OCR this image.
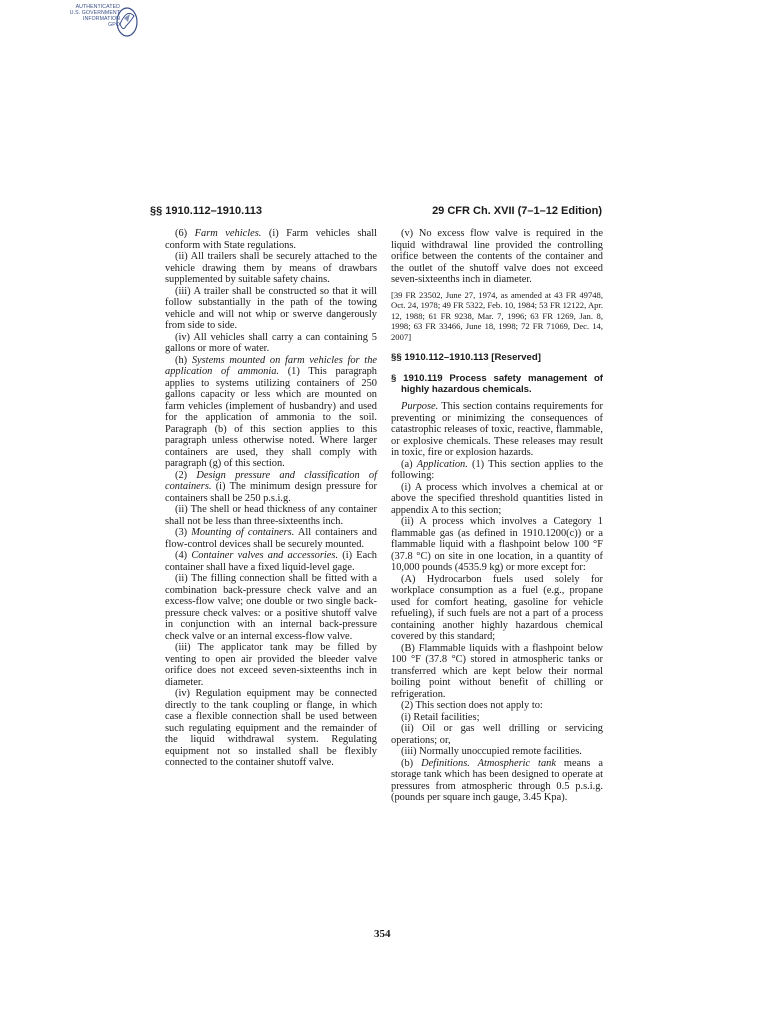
AUTHENTICATED
U.S. GOVERNMENT
INFORMATION
GPO
§§ 1910.112–1910.113	29 CFR Ch. XVII (7–1–12 Edition)

(6) Farm vehicles. (i) Farm vehicles shall conform with State regulations.

(ii) All trailers shall be securely attached to the vehicle drawing them by means of drawbars supplemented by suitable safety chains.

(iii) A trailer shall be constructed so that it will follow substantially in the path of the towing vehicle and will not whip or swerve dangerously from side to side.

(iv) All vehicles shall carry a can containing 5 gallons or more of water.

(h) Systems mounted on farm vehicles for the application of ammonia. (1) This paragraph applies to systems utilizing containers of 250 gallons capacity or less which are mounted on farm vehicles (implement of husbandry) and used for the application of ammonia to the soil. Paragraph (b) of this section applies to this paragraph unless otherwise noted. Where larger containers are used, they shall comply with paragraph (g) of this section.

(2) Design pressure and classification of containers. (i) The minimum design pressure for containers shall be 250 p.s.i.g.

(ii) The shell or head thickness of any container shall not be less than three-sixteenths inch.

(3) Mounting of containers. All containers and flow-control devices shall be securely mounted.

(4) Container valves and accessories. (i) Each container shall have a fixed liquid-level gage.

(ii) The filling connection shall be fitted with a combination back-pressure check valve and an excess-flow valve; one double or two single back-pressure check valves: or a positive shutoff valve in conjunction with an internal back-pressure check valve or an internal excess-flow valve.

(iii) The applicator tank may be filled by venting to open air provided the bleeder valve orifice does not exceed seven-sixteenths inch in diameter.

(iv) Regulation equipment may be connected directly to the tank coupling or flange, in which case a flexible connection shall be used between such regulating equipment and the remainder of the liquid withdrawal system. Regulating equipment not so installed shall be flexibly connected to the container shutoff valve.

(v) No excess flow valve is required in the liquid withdrawal line provided the controlling orifice between the contents of the container and the outlet of the shutoff valve does not exceed seven-sixteenths inch in diameter.

[39 FR 23502, June 27, 1974, as amended at 43 FR 49748, Oct. 24, 1978; 49 FR 5322, Feb. 10, 1984; 53 FR 12122, Apr. 12, 1988; 61 FR 9238, Mar. 7, 1996; 63 FR 1269, Jan. 8, 1998; 63 FR 33466, June 18, 1998; 72 FR 71069, Dec. 14, 2007]

§§ 1910.112–1910.113 [Reserved]
§ 1910.119 Process safety management of highly hazardous chemicals.

Purpose. This section contains requirements for preventing or minimizing the consequences of catastrophic releases of toxic, reactive, flammable, or explosive chemicals. These releases may result in toxic, fire or explosion hazards.

(a) Application. (1) This section applies to the following:

(i) A process which involves a chemical at or above the specified threshold quantities listed in appendix A to this section;

(ii) A process which involves a Category 1 flammable gas (as defined in 1910.1200(c)) or a flammable liquid with a flashpoint below 100 °F (37.8 °C) on site in one location, in a quantity of 10,000 pounds (4535.9 kg) or more except for:

(A) Hydrocarbon fuels used solely for workplace consumption as a fuel (e.g., propane used for comfort heating, gasoline for vehicle refueling), if such fuels are not a part of a process containing another highly hazardous chemical covered by this standard;

(B) Flammable liquids with a flashpoint below 100 °F (37.8 °C) stored in atmospheric tanks or transferred which are kept below their normal boiling point without benefit of chilling or refrigeration.

(2) This section does not apply to:

(i) Retail facilities;

(ii) Oil or gas well drilling or servicing operations; or,

(iii) Normally unoccupied remote facilities.

(b) Definitions. Atmospheric tank means a storage tank which has been designed to operate at pressures from atmospheric through 0.5 p.s.i.g. (pounds per square inch gauge, 3.45 Kpa).

354
